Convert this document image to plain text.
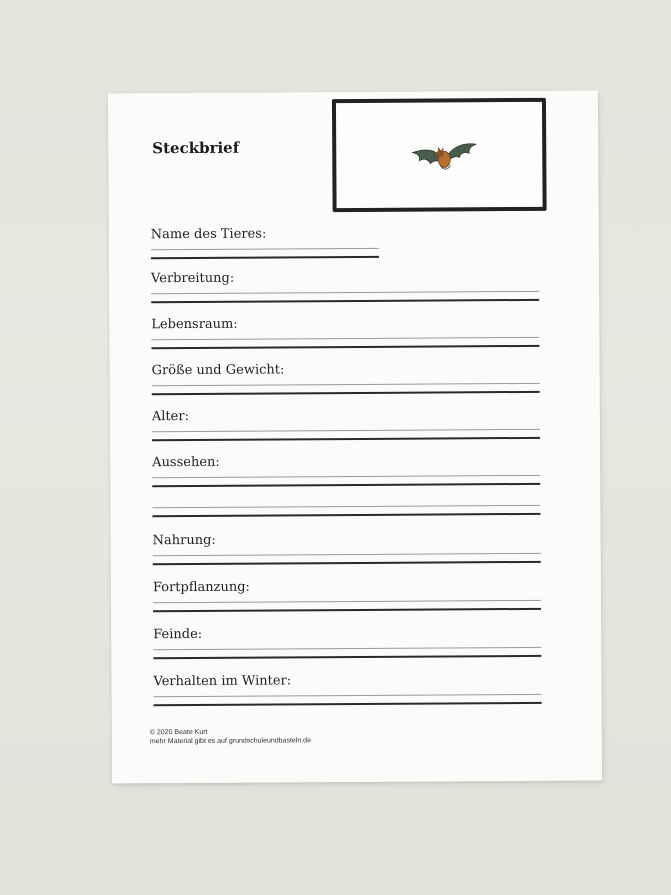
Steckbrief
Name des Tieres:
Verbreitung:
Lebensraum:
Größe und Gewicht:
Alter:
Aussehen:
Nahrung:
Fortpflanzung:
Feinde:
Verhalten im Winter:
© 2020 Beate Kurt
mehr Material gibt es auf grundschuleundbasteln.de
